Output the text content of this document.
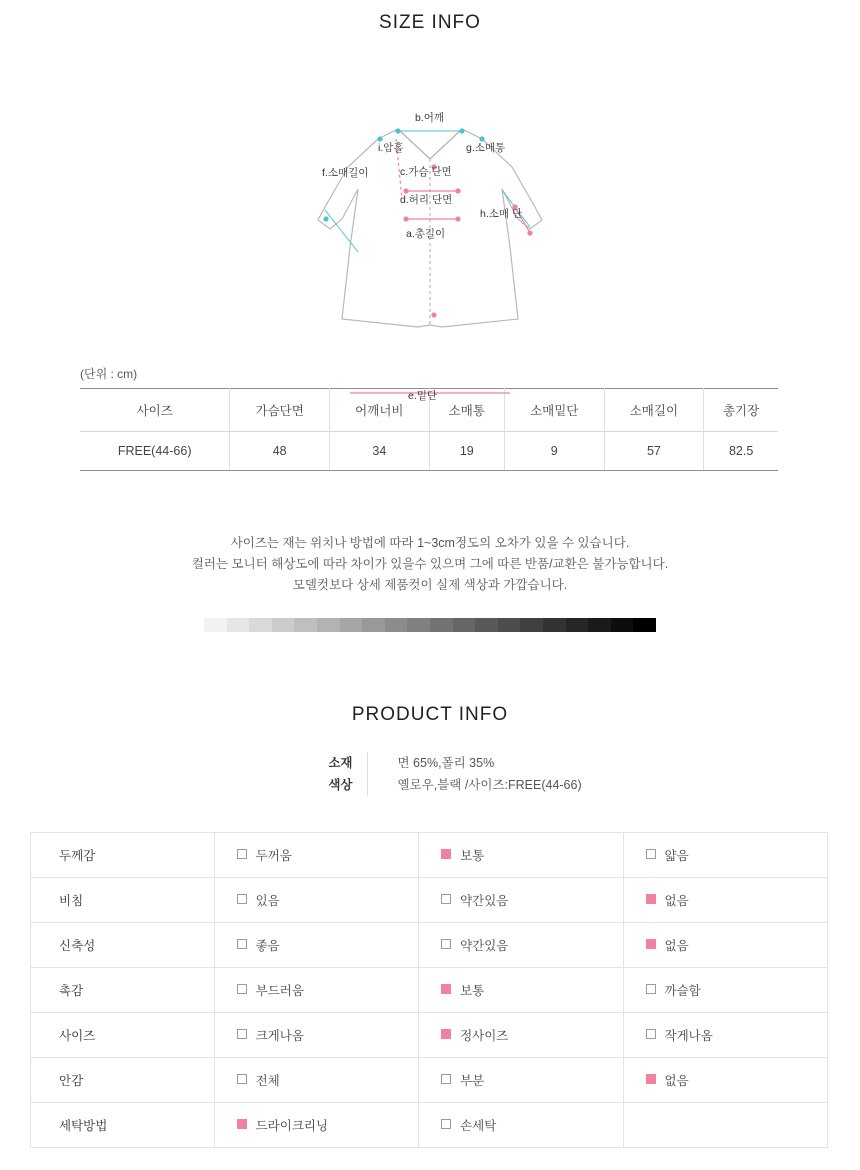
SIZE INFO
b.어깨
i.암홀	g.소매통
f.소매길이	c.가슴 단면
d.허리 단면
h.소매 단
a.총길이
e.밑단
(단위 : cm)
사이즈	가슴단면	어깨너비	소매통	소매밑단	소매길이	총기장
FREE(44-66)	48	34	19	9	57	82.5
사이즈는 재는 위치나 방법에 따라 1~3cm정도의 오차가 있을 수 있습니다.
컬러는 모니터 해상도에 따라 차이가 있을수 있으며 그에 따른 반품/교환은 불가능합니다.
모델컷보다 상세 제품컷이 실제 색상과 가깝습니다.
PRODUCT INFO
소재	면 65%,폴리 35%
색상	옐로우,블랙 /사이즈:FREE(44-66)
두께감	두꺼움	보통	얇음
비침	있음	약간있음	없음
신축성	좋음	약간있음	없음
촉감	부드러움	보통	까슬함
사이즈	크게나옴	정사이즈	작게나옴
안감	전체	부분	없음
세탁방법	드라이크리닝	손세탁	
